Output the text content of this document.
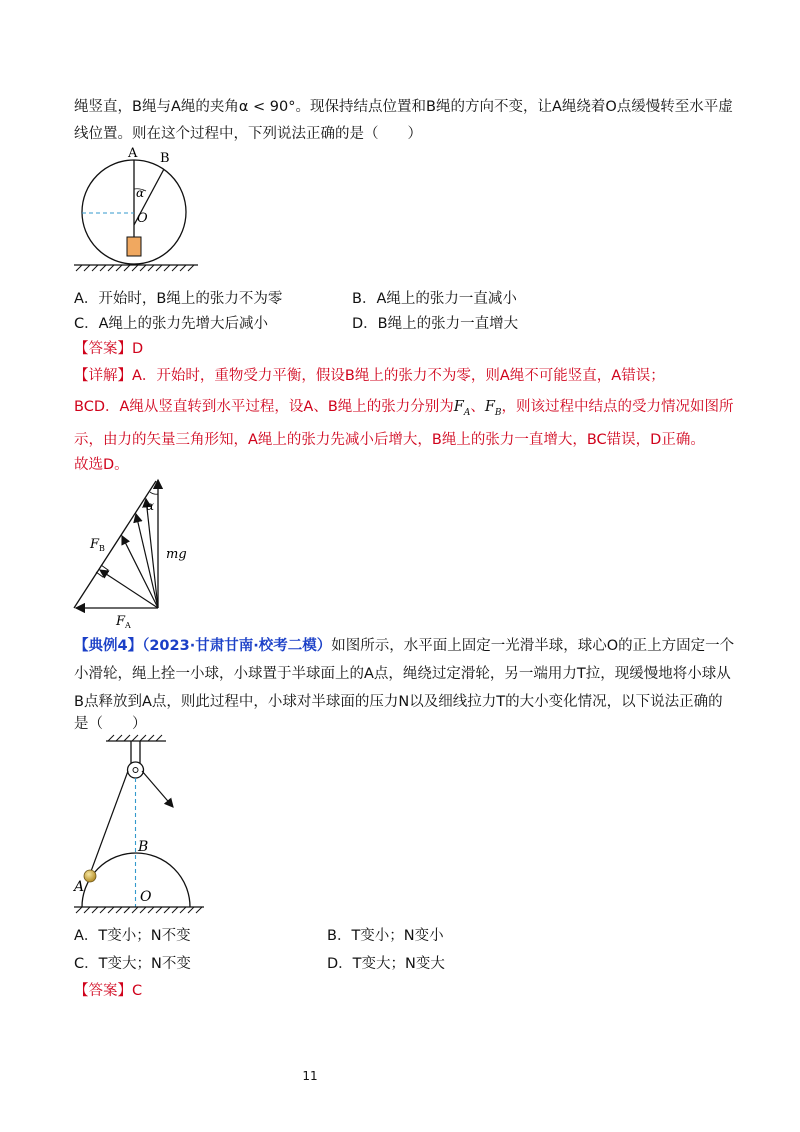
绳竖直，B绳与A绳的夹角α < 90°。现保持结点位置和B绳的方向不变，让A绳绕着O点缓慢转至水平虚
线位置。则在这个过程中，下列说法正确的是（　　）
A B
α
O
A．开始时，B绳上的张力不为零	B．A绳上的张力一直减小
C．A绳上的张力先增大后减小	D．B绳上的张力一直增大
【答案】D
【详解】A．开始时，重物受力平衡，假设B绳上的张力不为零，则A绳不可能竖直，A错误；
BCD．A绳从竖直转到水平过程，设A、B绳上的张力分别为$F_A$、$F_B$，则该过程中结点的受力情况如图所
示，由力的矢量三角形知，A绳上的张力先减小后增大，B绳上的张力一直增大，BC错误，D正确。
故选D。
α
mg
$F_B$
$F_A$
【典例4】（2023·甘肃甘南·校考二模）如图所示，水平面上固定一光滑半球，球心O的正上方固定一个
小滑轮，绳上拴一小球，小球置于半球面上的A点，绳绕过定滑轮，另一端用力T拉，现缓慢地将小球从
B点释放到A点，则此过程中，小球对半球面的压力N以及细线拉力T的大小变化情况，以下说法正确的
是（　　）
B
A
O
A．T变小；N不变	B．T变小；N变小
C．T变大；N不变	D．T变大；N变大
【答案】C
11
